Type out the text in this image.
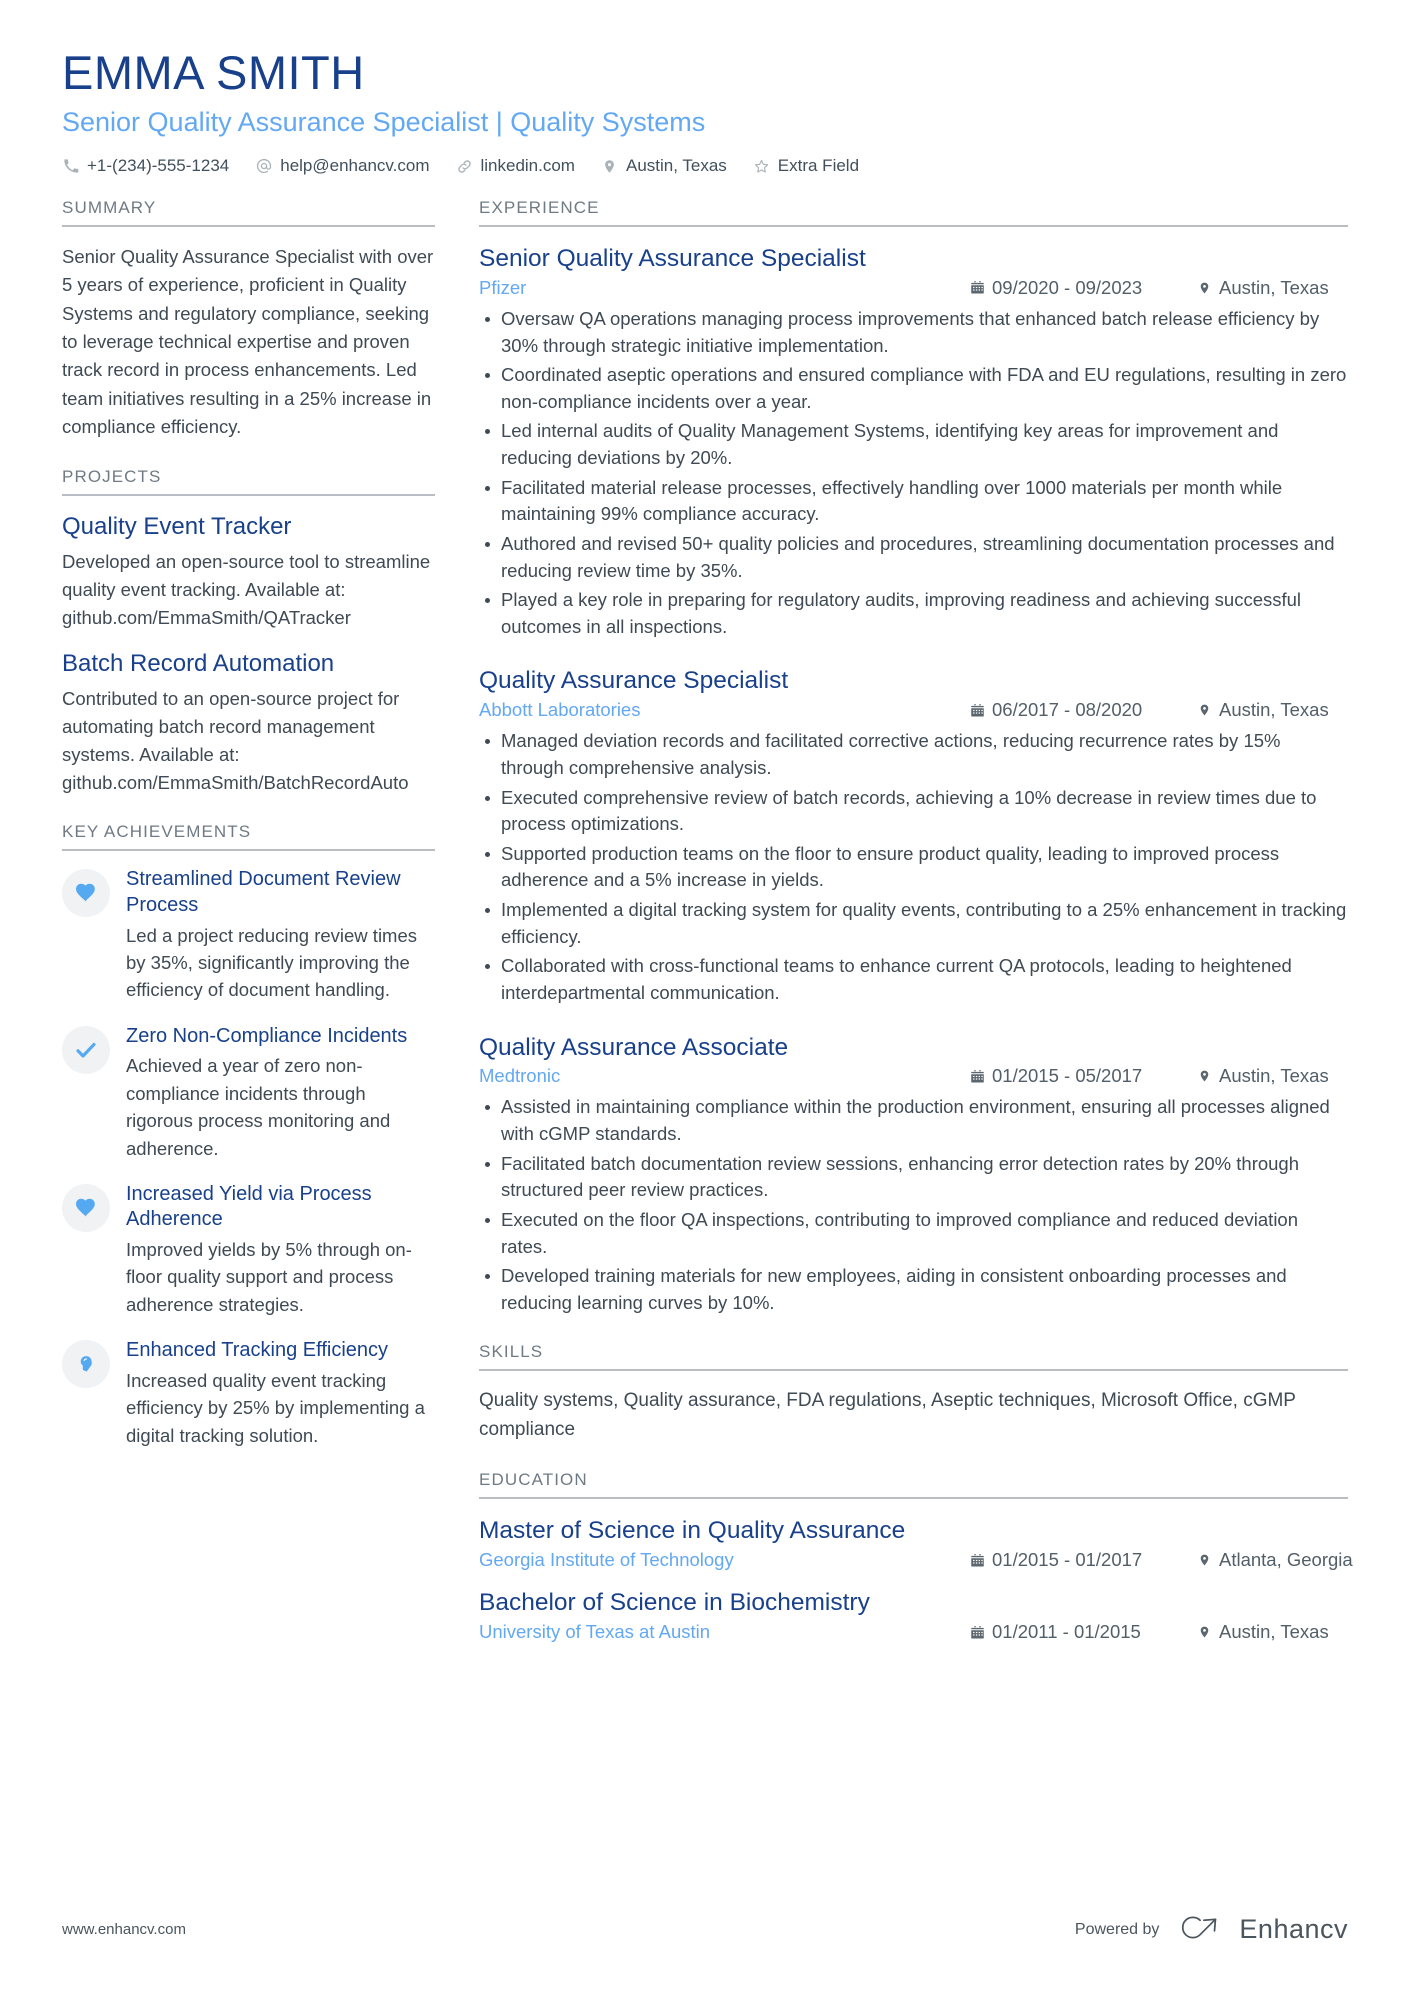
EMMA SMITH
Senior Quality Assurance Specialist | Quality Systems
+1-(234)-555-1234	help@enhancv.com	linkedin.com	Austin, Texas	Extra Field
SUMMARY
Senior Quality Assurance Specialist with over 5 years of experience, proficient in Quality Systems and regulatory compliance, seeking to leverage technical expertise and proven track record in process enhancements. Led team initiatives resulting in a 25% increase in compliance efficiency.
PROJECTS
Quality Event Tracker
Developed an open-source tool to streamline quality event tracking. Available at: github.com/EmmaSmith/QATracker
Batch Record Automation
Contributed to an open-source project for automating batch record management systems. Available at: github.com/EmmaSmith/BatchRecordAuto
KEY ACHIEVEMENTS
Streamlined Document Review Process
Led a project reducing review times by 35%, significantly improving the efficiency of document handling.
Zero Non-Compliance Incidents
Achieved a year of zero non-compliance incidents through rigorous process monitoring and adherence.
Increased Yield via Process Adherence
Improved yields by 5% through on-floor quality support and process adherence strategies.
Enhanced Tracking Efficiency
Increased quality event tracking efficiency by 25% by implementing a digital tracking solution.
EXPERIENCE
Senior Quality Assurance Specialist
Pfizer	09/2020 - 09/2023	Austin, Texas
Oversaw QA operations managing process improvements that enhanced batch release efficiency by 30% through strategic initiative implementation.
Coordinated aseptic operations and ensured compliance with FDA and EU regulations, resulting in zero non-compliance incidents over a year.
Led internal audits of Quality Management Systems, identifying key areas for improvement and reducing deviations by 20%.
Facilitated material release processes, effectively handling over 1000 materials per month while maintaining 99% compliance accuracy.
Authored and revised 50+ quality policies and procedures, streamlining documentation processes and reducing review time by 35%.
Played a key role in preparing for regulatory audits, improving readiness and achieving successful outcomes in all inspections.
Quality Assurance Specialist
Abbott Laboratories	06/2017 - 08/2020	Austin, Texas
Managed deviation records and facilitated corrective actions, reducing recurrence rates by 15% through comprehensive analysis.
Executed comprehensive review of batch records, achieving a 10% decrease in review times due to process optimizations.
Supported production teams on the floor to ensure product quality, leading to improved process adherence and a 5% increase in yields.
Implemented a digital tracking system for quality events, contributing to a 25% enhancement in tracking efficiency.
Collaborated with cross-functional teams to enhance current QA protocols, leading to heightened interdepartmental communication.
Quality Assurance Associate
Medtronic	01/2015 - 05/2017	Austin, Texas
Assisted in maintaining compliance within the production environment, ensuring all processes aligned with cGMP standards.
Facilitated batch documentation review sessions, enhancing error detection rates by 20% through structured peer review practices.
Executed on the floor QA inspections, contributing to improved compliance and reduced deviation rates.
Developed training materials for new employees, aiding in consistent onboarding processes and reducing learning curves by 10%.
SKILLS
Quality systems, Quality assurance, FDA regulations, Aseptic techniques, Microsoft Office, cGMP compliance
EDUCATION
Master of Science in Quality Assurance
Georgia Institute of Technology	01/2015 - 01/2017	Atlanta, Georgia
Bachelor of Science in Biochemistry
University of Texas at Austin	01/2011 - 01/2015	Austin, Texas
www.enhancv.com	Powered by	Enhancv
